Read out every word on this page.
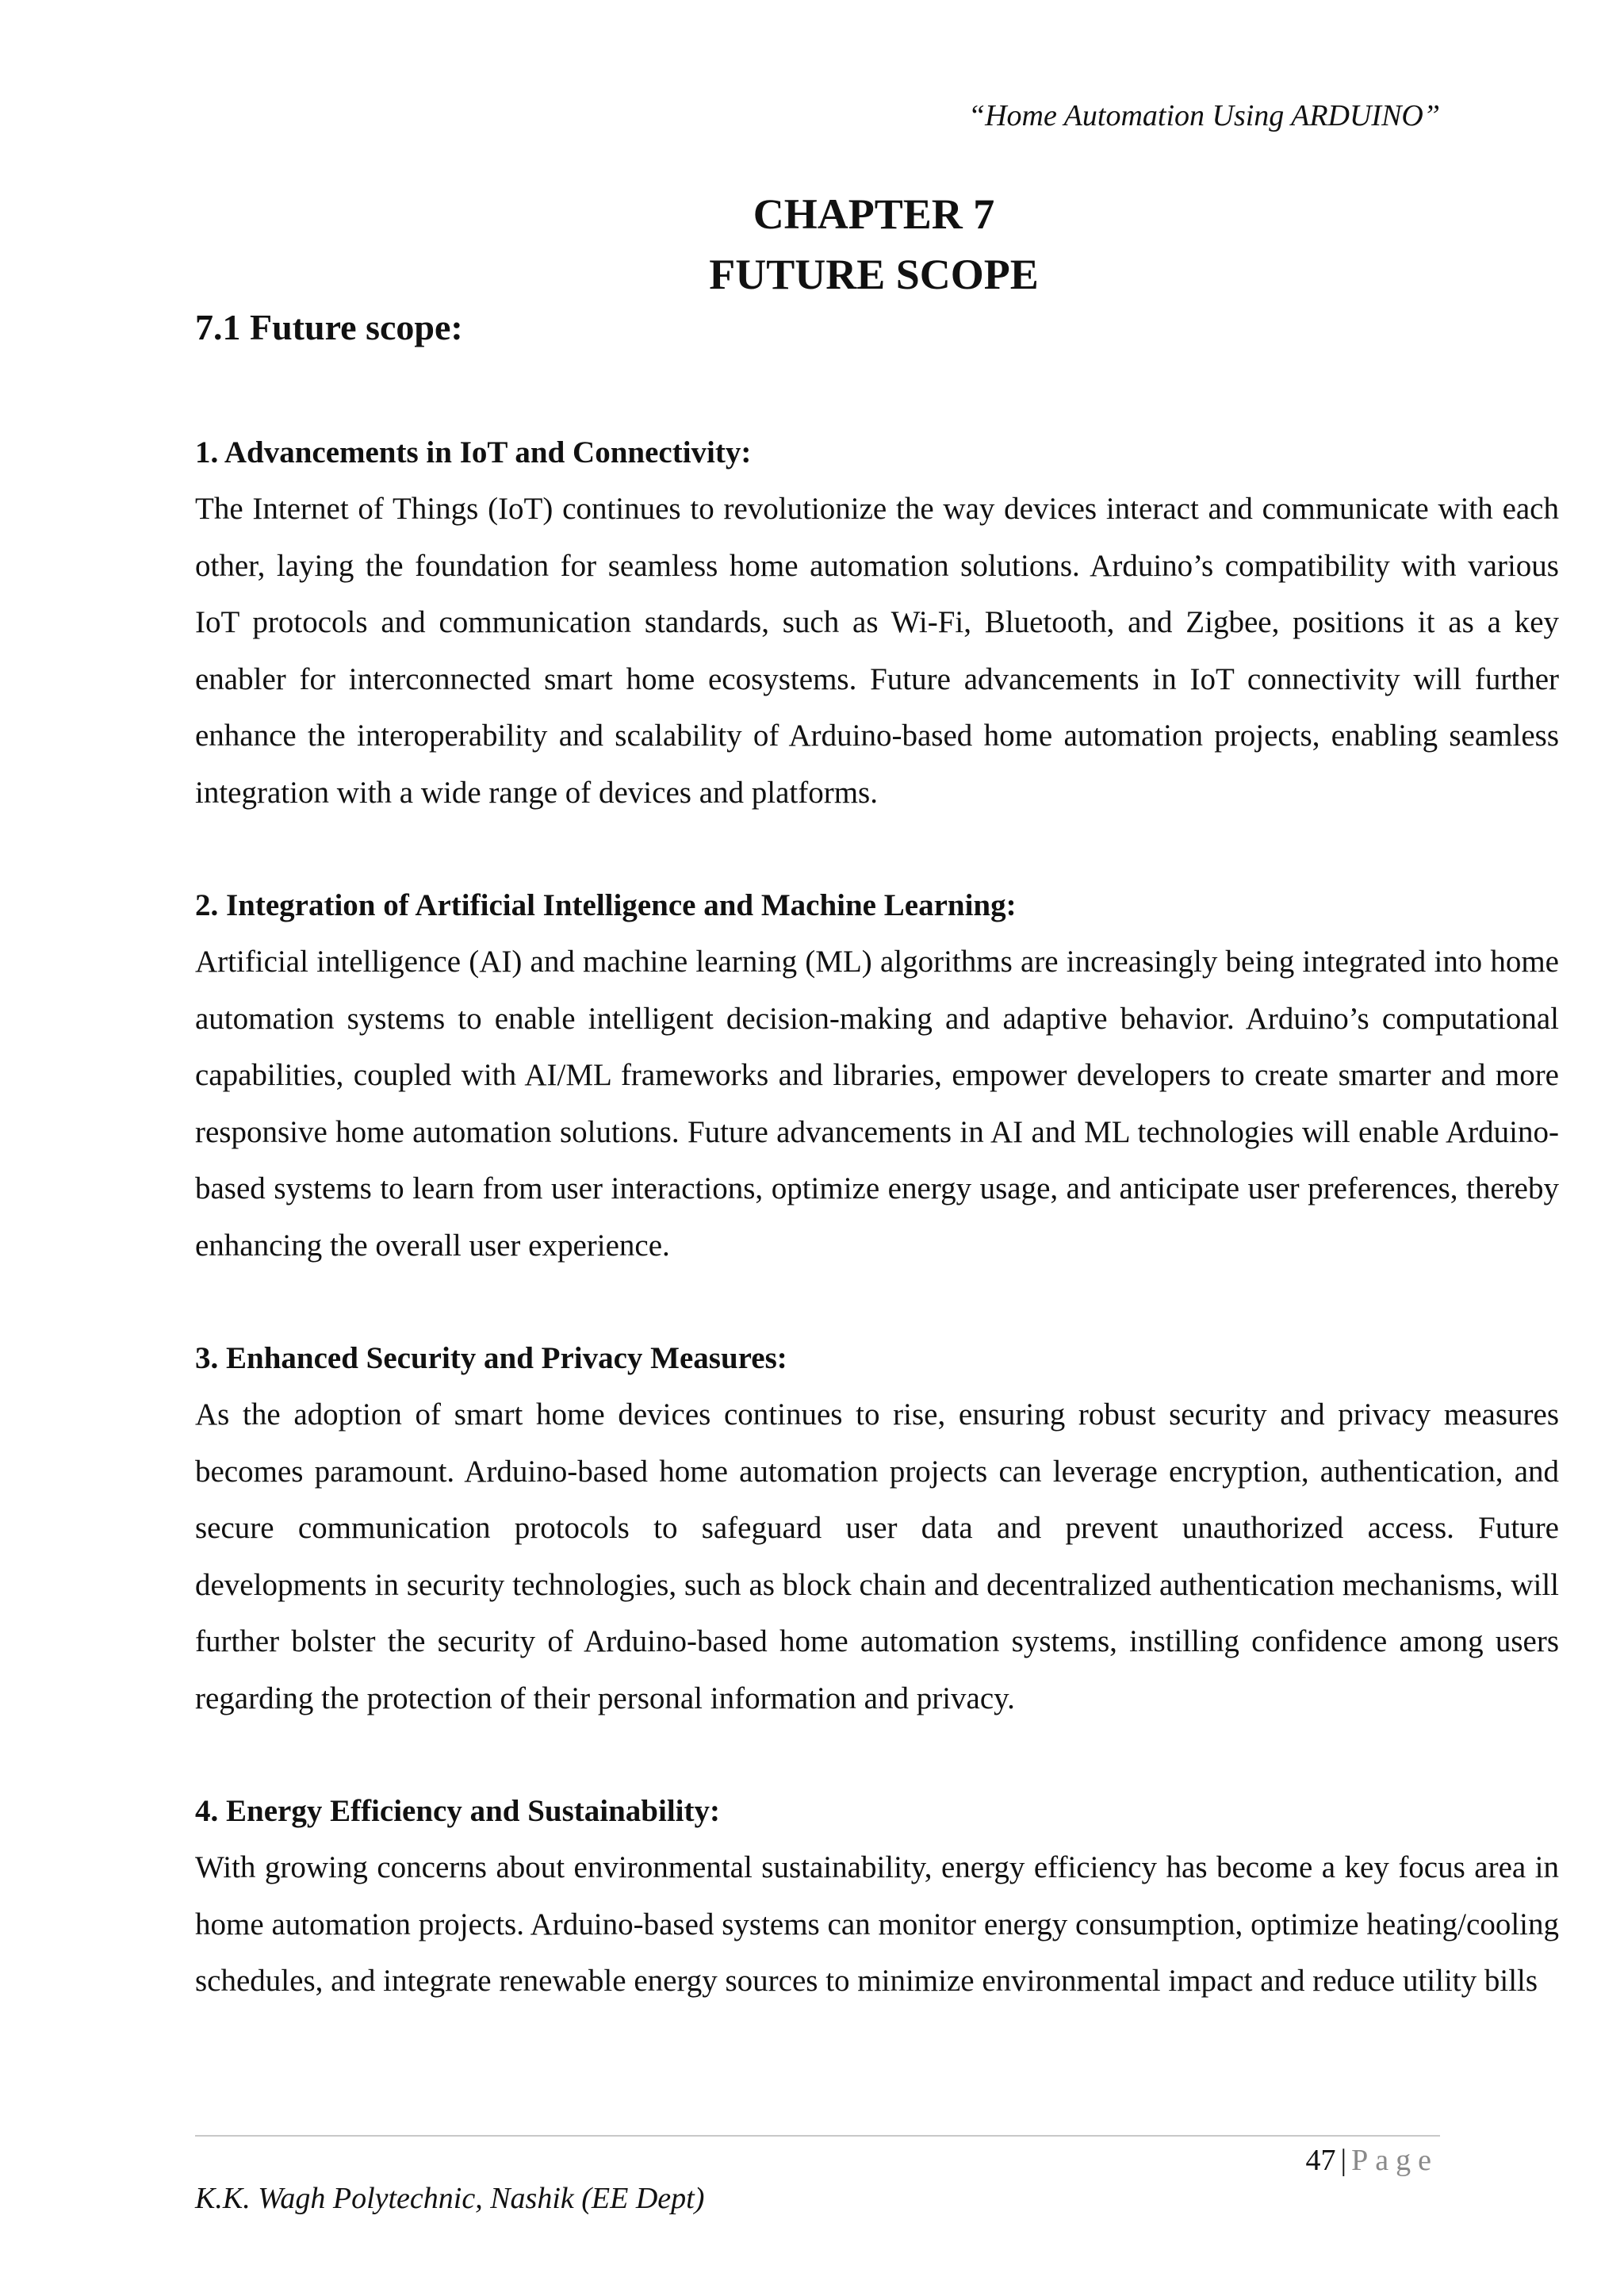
“Home Automation Using ARDUINO”
CHAPTER 7
FUTURE SCOPE
7.1 Future scope:
1. Advancements in IoT and Connectivity:
The Internet of Things (IoT) continues to revolutionize the way devices interact and communicate with each other, laying the foundation for seamless home automation solutions. Arduino’s compatibility with various IoT protocols and communication standards, such as Wi-Fi, Bluetooth, and Zigbee, positions it as a key enabler for interconnected smart home ecosystems. Future advancements in IoT connectivity will further enhance the interoperability and scalability of Arduino-based home automation projects, enabling seamless integration with a wide range of devices and platforms.
2. Integration of Artificial Intelligence and Machine Learning:
Artificial intelligence (AI) and machine learning (ML) algorithms are increasingly being integrated into home automation systems to enable intelligent decision-making and adaptive behavior. Arduino’s computational capabilities, coupled with AI/ML frameworks and libraries, empower developers to create smarter and more responsive home automation solutions. Future advancements in AI and ML technologies will enable Arduino-based systems to learn from user interactions, optimize energy usage, and anticipate user preferences, thereby enhancing the overall user experience.
3. Enhanced Security and Privacy Measures:
As the adoption of smart home devices continues to rise, ensuring robust security and privacy measures becomes paramount. Arduino-based home automation projects can leverage encryption, authentication, and secure communication protocols to safeguard user data and prevent unauthorized access. Future developments in security technologies, such as block chain and decentralized authentication mechanisms, will further bolster the security of Arduino-based home automation systems, instilling confidence among users regarding the protection of their personal information and privacy.
4. Energy Efficiency and Sustainability:
With growing concerns about environmental sustainability, energy efficiency has become a key focus area in home automation projects. Arduino-based systems can monitor energy consumption, optimize heating/cooling schedules, and integrate renewable energy sources to minimize environmental impact and reduce utility bills
47 | Page
K.K. Wagh Polytechnic, Nashik (EE Dept)
